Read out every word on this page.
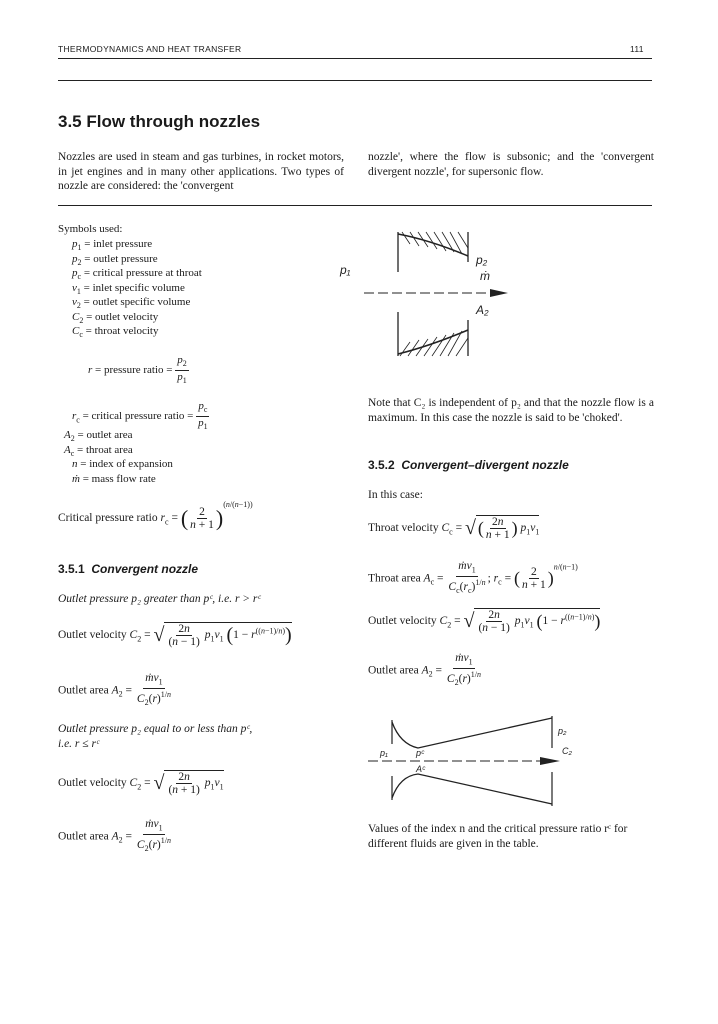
THERMODYNAMICS AND HEAT TRANSFER	111
3.5 Flow through nozzles
Nozzles are used in steam and gas turbines, in rocket motors, in jet engines and in many other applications. Two types of nozzle are considered: the 'convergent
nozzle', where the flow is subsonic; and the 'convergent divergent nozzle', for supersonic flow.
Symbols used:
$p_1$ = inlet pressure
$p_2$ = outlet pressure
$p_c$ = critical pressure at throat
$v_1$ = inlet specific volume
$v_2$ = outlet specific volume
$C_2$ = outlet velocity
$C_c$ = throat velocity
r = pressure ratio = $\frac{p_2}{p_1}$
$r_c$ = critical pressure ratio = $\frac{p_c}{p_1}$
$A_2$ = outlet area
$A_c$ = throat area
n = index of expansion
ṁ = mass flow rate
Critical pressure ratio $r_c$ = ( $\frac{2}{n + 1} )^{(n/(n-1))}$
3.5.1 Convergent nozzle
Outlet pressure p₂ greater than pᶜ, i.e. r > rᶜ
Outlet velocity $C_2$ = √ $\frac{2n}{(n - 1)} p_1v_1$ $(1 - r^{((n-1)/n)})$
Outlet area $A_2 = \frac{ṁv_1}{C_2(r)^{1/n}}$
Outlet pressure p₂ equal to or less than pᶜ,
i.e. r ≤ rᶜ
Outlet velocity $C_2$ = √ $\frac{2n}{(n + 1)} p_1v_1$
Outlet area $A_2 = \frac{ṁv_1}{C_2(r)^{1/n}}$
p₁
p₂
ṁ
A₂
Note that C₂ is independent of p₂ and that the nozzle flow is a maximum. In this case the nozzle is said to be 'choked'.
3.5.2 Convergent–divergent nozzle
In this case:
Throat velocity $C_c$ = √ ( $\frac{2n}{n + 1}$ ) $p_1v_1$
Throat area $A_c = \frac{ṁv_1}{C_c(r_c)^{1/n}}$ ; $r_c$ = ( $\frac{2}{n + 1} )^{n/(n-1)}$
Outlet velocity $C_2$ = √ $\frac{2n}{(n - 1)} p_1v_1$ $(1 - r^{((n-1)/n)})$
Outlet area $A_2 = \frac{ṁv_1}{C_2(r)^{1/n}}$
p₁	pᶜ
Aᶜ
p₂
C₂
Values of the index n and the critical pressure ratio rᶜ for different fluids are given in the table.
